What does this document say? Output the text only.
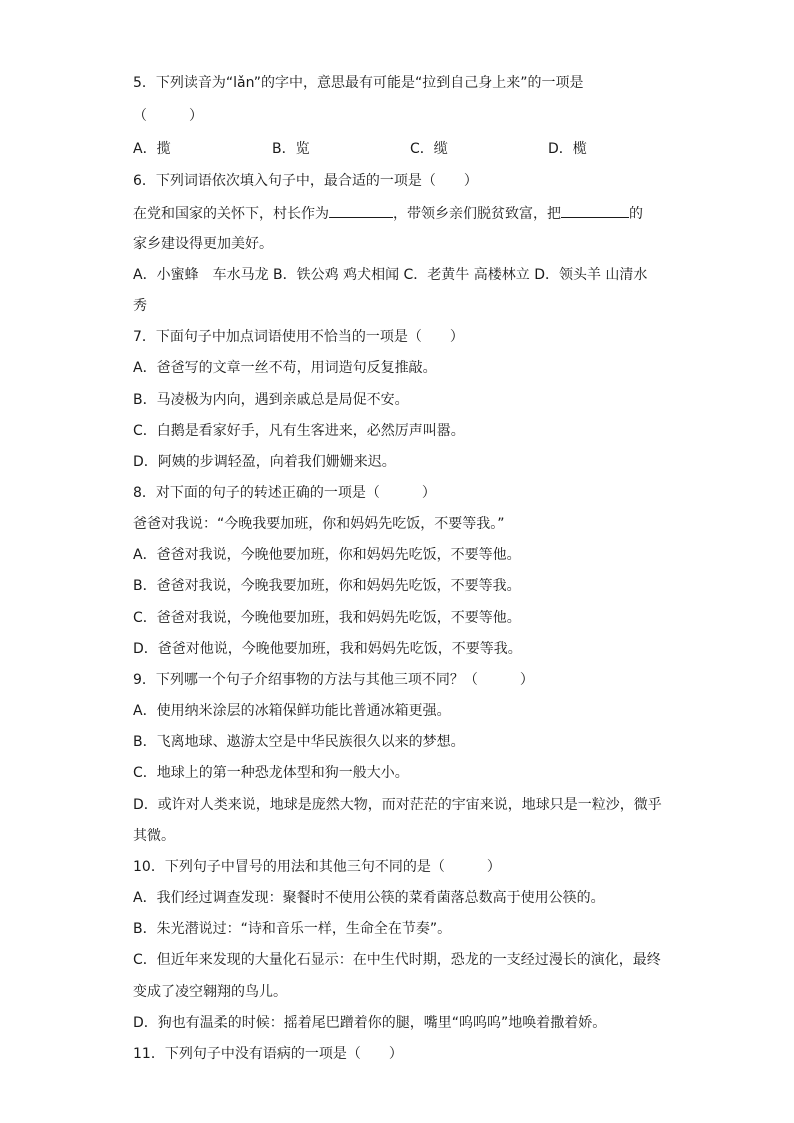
5．下列读音为“lǎn”的字中，意思最有可能是“拉到自己身上来”的一项是
（　　　）
A．揽	B．览	C．缆	D．榄
6．下列词语依次填入句子中，最合适的一项是（　　）
在党和国家的关怀下，村长作为	，带领乡亲们脱贫致富，把	的
家乡建设得更加美好。
A．小蜜蜂　车水马龙 B．铁公鸡 鸡犬相闻 C．老黄牛 高楼林立 D．领头羊 山清水
秀
7．下面句子中加点词语使用不恰当的一项是（　　）
A．爸爸写的文章一丝不苟，用词造句反复推敲。
B．马凌极为内向，遇到亲戚总是局促不安。
C．白鹅是看家好手，凡有生客进来，必然厉声叫嚣。
D．阿姨的步调轻盈，向着我们姗姗来迟。
8．对下面的句子的转述正确的一项是（　　　）
爸爸对我说：“今晚我要加班，你和妈妈先吃饭，不要等我。”
A．爸爸对我说，今晚他要加班，你和妈妈先吃饭，不要等他。
B．爸爸对我说，今晚我要加班，你和妈妈先吃饭，不要等我。
C．爸爸对我说，今晚他要加班，我和妈妈先吃饭，不要等他。
D．爸爸对他说，今晚他要加班，我和妈妈先吃饭，不要等我。
9．下列哪一个句子介绍事物的方法与其他三项不同？（　　　）
A．使用纳米涂层的冰箱保鲜功能比普通冰箱更强。
B．飞离地球、遨游太空是中华民族很久以来的梦想。
C．地球上的第一种恐龙体型和狗一般大小。
D．或许对人类来说，地球是庞然大物，而对茫茫的宇宙来说，地球只是一粒沙，微乎
其微。
10．下列句子中冒号的用法和其他三句不同的是（　　　）
A．我们经过调查发现：聚餐时不使用公筷的菜肴菌落总数高于使用公筷的。
B．朱光潜说过：“诗和音乐一样，生命全在节奏”。
C．但近年来发现的大量化石显示：在中生代时期，恐龙的一支经过漫长的演化，最终
变成了凌空翱翔的鸟儿。
D．狗也有温柔的时候：摇着尾巴蹭着你的腿，嘴里“呜呜呜”地唤着撒着娇。
11．下列句子中没有语病的一项是（　　）
